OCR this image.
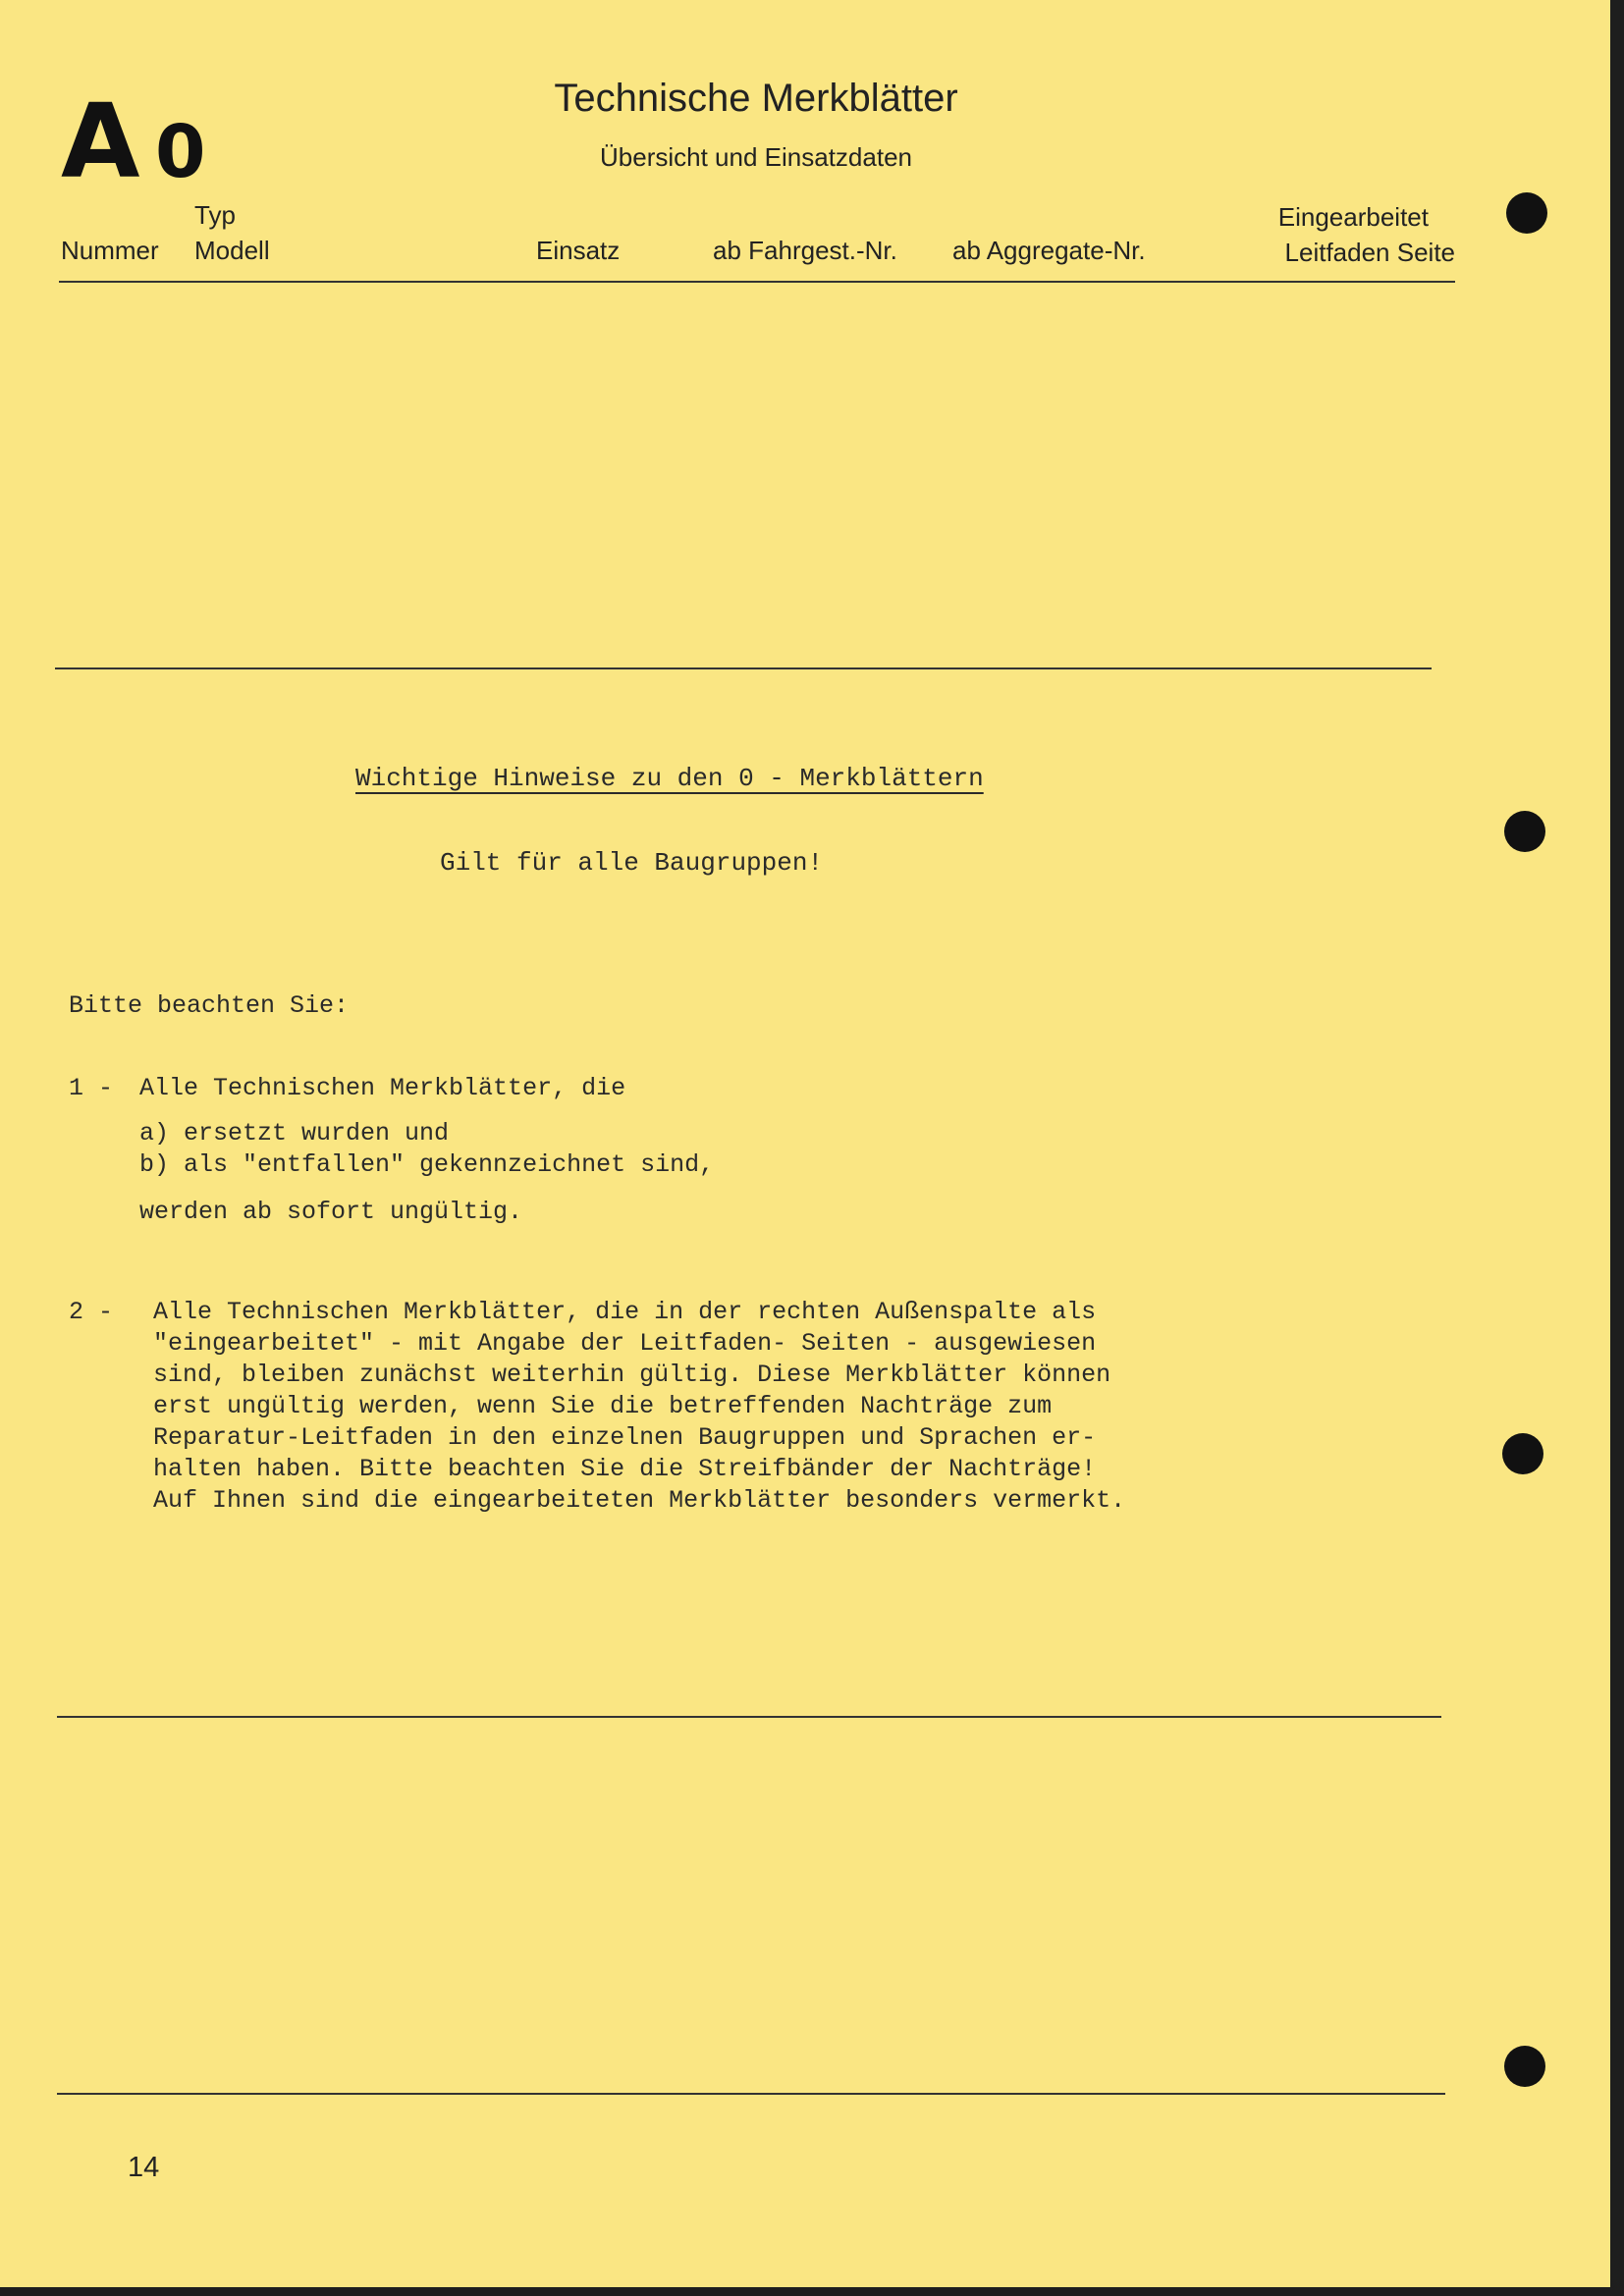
A 0
Technische Merkblätter
Übersicht und Einsatzdaten
Typ
Nummer Modell	Einsatz	ab Fahrgest.-Nr. ab Aggregate-Nr.
Eingearbeitet
Leitfaden Seite
Wichtige Hinweise zu den 0 - Merkblättern
Gilt für alle Baugruppen!
Bitte beachten Sie:
1 - Alle Technischen Merkblätter, die
a) ersetzt wurden und
b) als "entfallen" gekennzeichnet sind,
werden ab sofort ungültig.
2 - Alle Technischen Merkblätter, die in der rechten Außenspalte als
"eingearbeitet" - mit Angabe der Leitfaden- Seiten - ausgewiesen
sind, bleiben zunächst weiterhin gültig. Diese Merkblätter können
erst ungültig werden, wenn Sie die betreffenden Nachträge zum
Reparatur-Leitfaden in den einzelnen Baugruppen und Sprachen er-
halten haben. Bitte beachten Sie die Streifbänder der Nachträge!
Auf Ihnen sind die eingearbeiteten Merkblätter besonders vermerkt.
14
